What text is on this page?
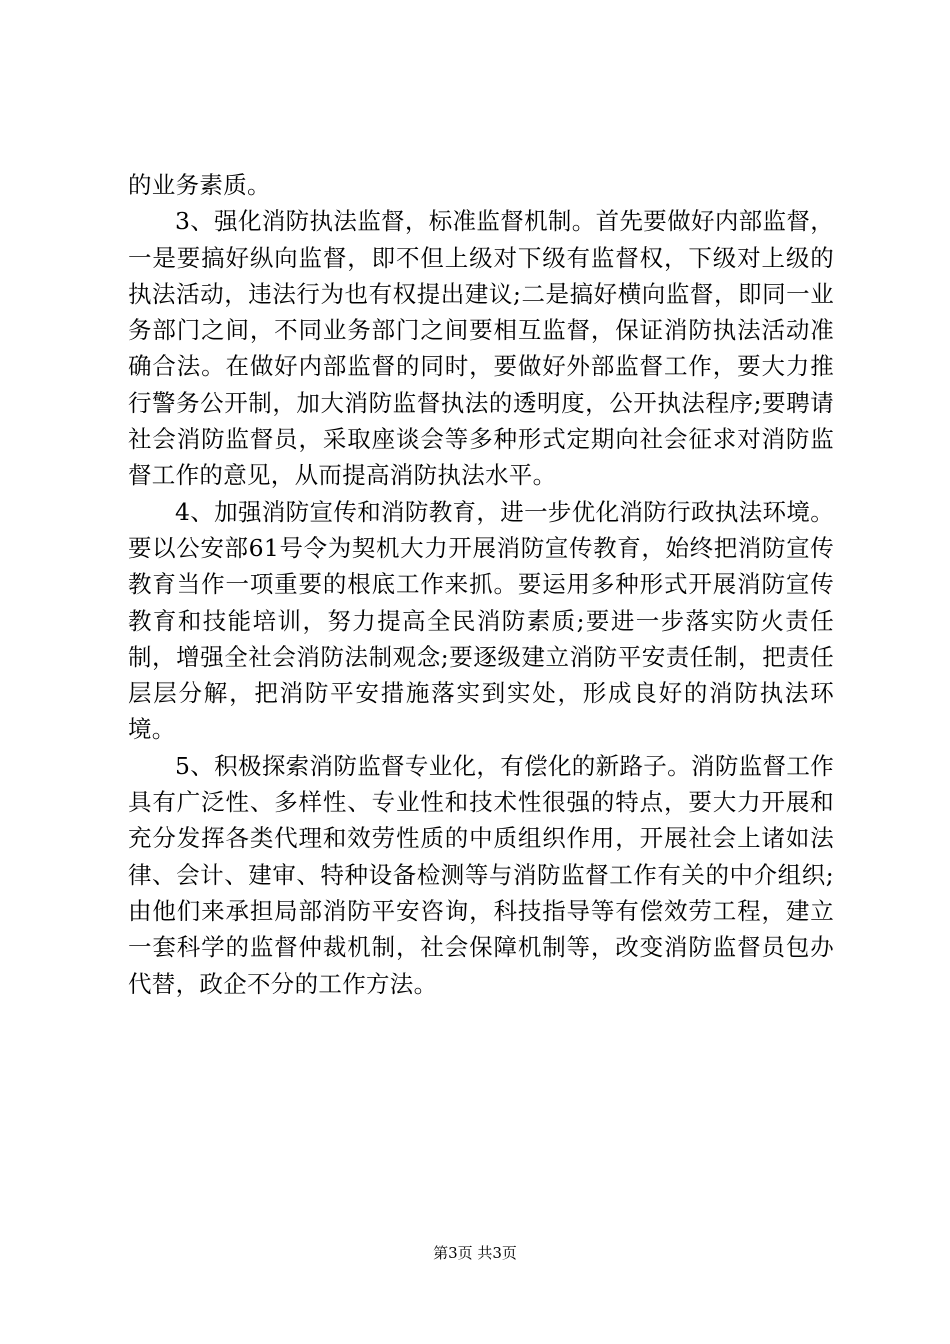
的业务素质。

3、强化消防执法监督，标准监督机制。首先要做好内部监督，一是要搞好纵向监督，即不但上级对下级有监督权，下级对上级的执法活动，违法行为也有权提出建议;二是搞好横向监督，即同一业务部门之间，不同业务部门之间要相互监督，保证消防执法活动准确合法。在做好内部监督的同时，要做好外部监督工作，要大力推行警务公开制，加大消防监督执法的透明度，公开执法程序;要聘请社会消防监督员，采取座谈会等多种形式定期向社会征求对消防监督工作的意见，从而提高消防执法水平。

4、加强消防宣传和消防教育，进一步优化消防行政执法环境。要以公安部61号令为契机大力开展消防宣传教育，始终把消防宣传教育当作一项重要的根底工作来抓。要运用多种形式开展消防宣传教育和技能培训，努力提高全民消防素质;要进一步落实防火责任制，增强全社会消防法制观念;要逐级建立消防平安责任制，把责任层层分解，把消防平安措施落实到实处，形成良好的消防执法环境。

5、积极探索消防监督专业化，有偿化的新路子。消防监督工作具有广泛性、多样性、专业性和技术性很强的特点，要大力开展和充分发挥各类代理和效劳性质的中质组织作用，开展社会上诸如法律、会计、建审、特种设备检测等与消防监督工作有关的中介组织;由他们来承担局部消防平安咨询，科技指导等有偿效劳工程，建立一套科学的监督仲裁机制，社会保障机制等，改变消防监督员包办代替，政企不分的工作方法。

第3页 共3页
